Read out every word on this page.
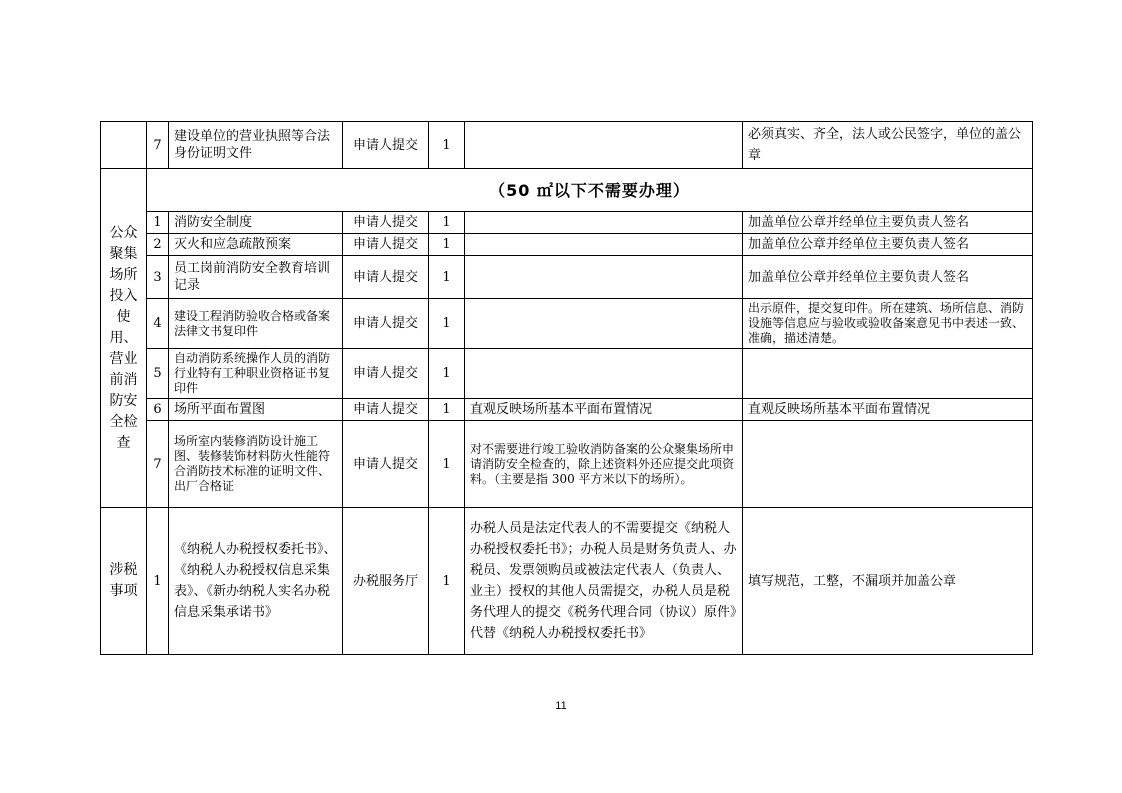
	7	建设单位的营业执照等合法身份证明文件	申请人提交	1		必须真实、齐全，法人或公民签字，单位的盖公章
公众聚集场所投入使用、营业前消防安全检查	（50 ㎡以下不需要办理）					
	1	消防安全制度	申请人提交	1		加盖单位公章并经单位主要负责人签名
	2	灭火和应急疏散预案	申请人提交	1		加盖单位公章并经单位主要负责人签名
	3	员工岗前消防安全教育培训记录	申请人提交	1		加盖单位公章并经单位主要负责人签名
	4	建设工程消防验收合格或备案法律文书复印件	申请人提交	1		出示原件，提交复印件。所在建筑、场所信息、消防设施等信息应与验收或验收备案意见书中表述一致、准确，描述清楚。
	5	自动消防系统操作人员的消防行业特有工种职业资格证书复印件	申请人提交	1		
	6	场所平面布置图	申请人提交	1	直观反映场所基本平面布置情况	直观反映场所基本平面布置情况
	7	场所室内装修消防设计施工图、装修装饰材料防火性能符合消防技术标准的证明文件、出厂合格证	申请人提交	1	对不需要进行竣工验收消防备案的公众聚集场所申请消防安全检查的，除上述资料外还应提交此项资料。（主要是指 300 平方米以下的场所）。	
涉税事项	1	《纳税人办税授权委托书》、《纳税人办税授权信息采集表》、《新办纳税人实名办税信息采集承诺书》	办税服务厅	1	办税人员是法定代表人的不需要提交《纳税人办税授权委托书》；办税人员是财务负责人、办税员、发票领购员或被法定代表人（负责人、业主）授权的其他人员需提交，办税人员是税务代理人的提交《税务代理合同（协议）原件》代替《纳税人办税授权委托书》	填写规范，工整，不漏项并加盖公章
11
